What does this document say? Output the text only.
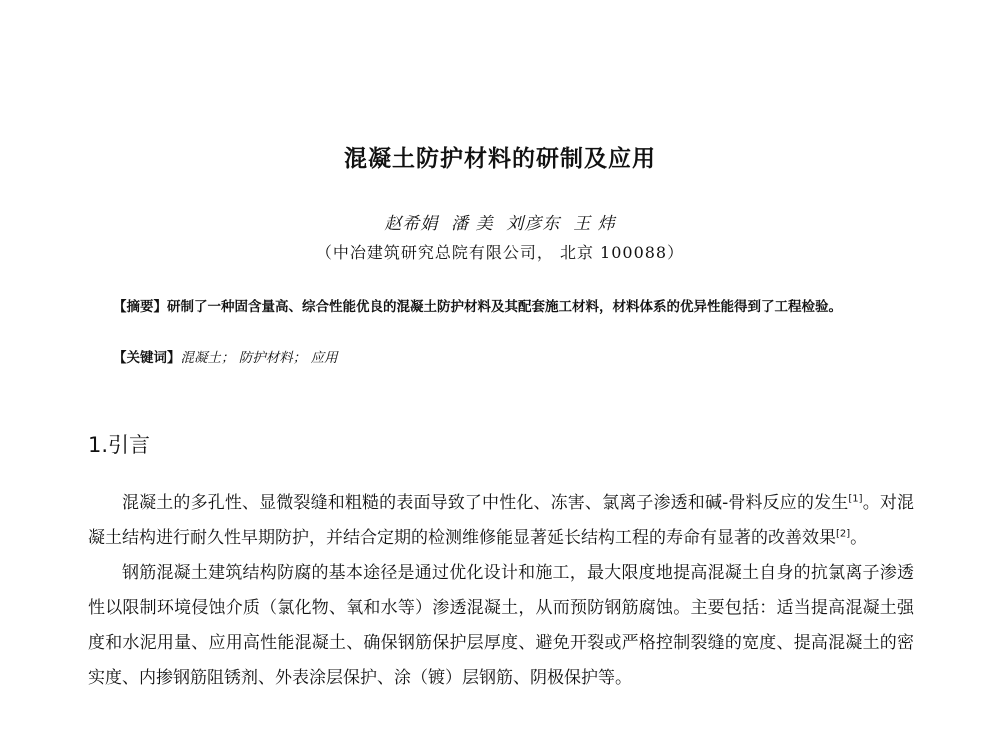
混凝土防护材料的研制及应用
赵希娟  潘 美  刘彦东  王 炜
（中冶建筑研究总院有限公司， 北京 100088）
【摘要】研制了一种固含量高、综合性能优良的混凝土防护材料及其配套施工材料，材料体系的优异性能得到了工程检验。
【关键词】混凝土； 防护材料； 应用
1.引言

混凝土的多孔性、显微裂缝和粗糙的表面导致了中性化、冻害、氯离子渗透和碱-骨料反应的发生[1]。对混凝土结构进行耐久性早期防护，并结合定期的检测维修能显著延长结构工程的寿命有显著的改善效果[2]。

钢筋混凝土建筑结构防腐的基本途径是通过优化设计和施工，最大限度地提高混凝土自身的抗氯离子渗透性以限制环境侵蚀介质（氯化物、氧和水等）渗透混凝土，从而预防钢筋腐蚀。主要包括：适当提高混凝土强度和水泥用量、应用高性能混凝土、确保钢筋保护层厚度、避免开裂或严格控制裂缝的宽度、提高混凝土的密实度、内掺钢筋阻锈剂、外表涂层保护、涂（镀）层钢筋、阴极保护等。
